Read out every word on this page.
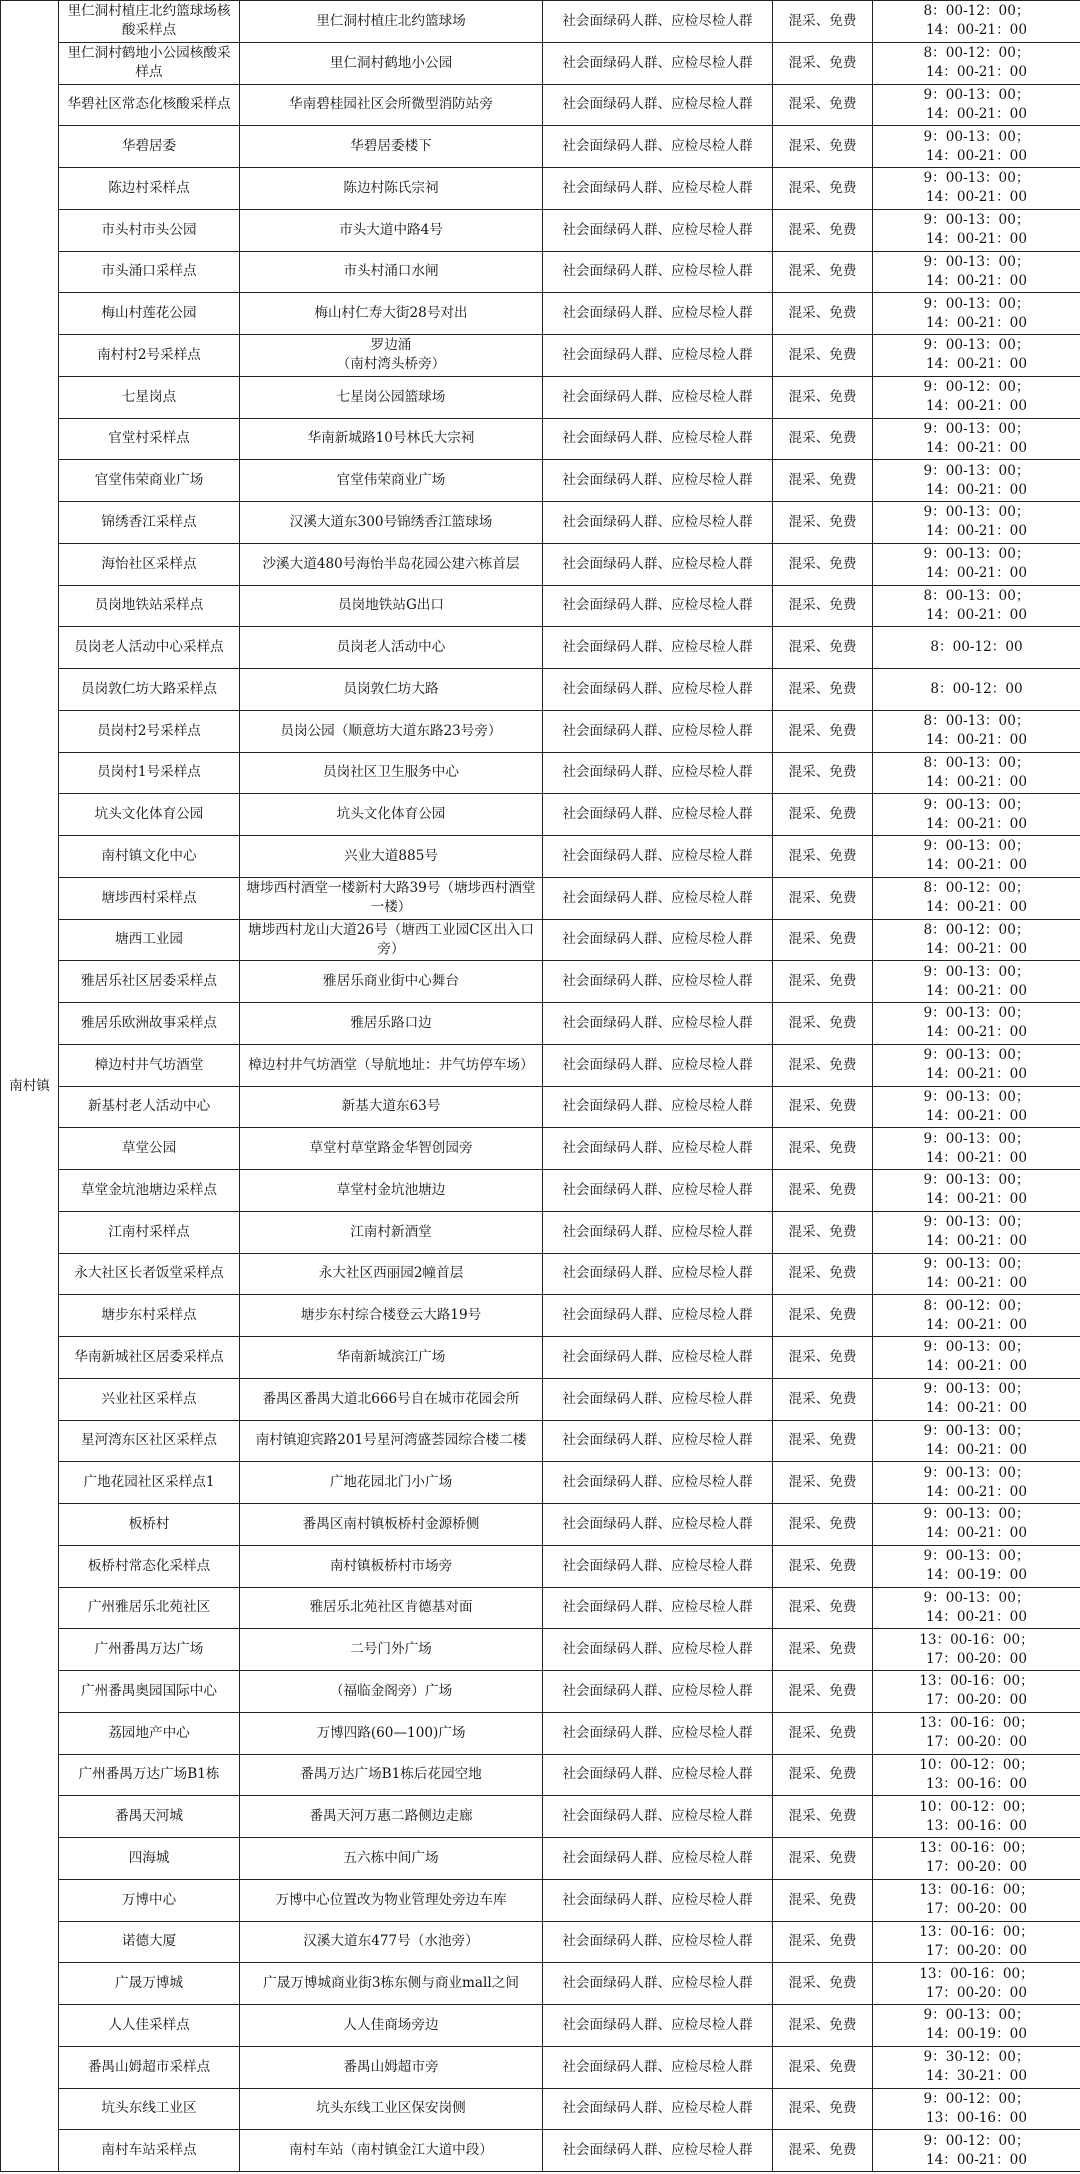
南村镇	里仁洞村植庄北约篮球场核酸采样点	里仁洞村植庄北约篮球场	社会面绿码人群、应检尽检人群	混采、免费	8：00-12：00；
14：00-21：00

	里仁洞村鹤地小公园核酸采样点	里仁洞村鹤地小公园	社会面绿码人群、应检尽检人群	混采、免费	8：00-12：00；
14：00-21：00

	华碧社区常态化核酸采样点	华南碧桂园社区会所微型消防站旁	社会面绿码人群、应检尽检人群	混采、免费	9：00-13：00；
14：00-21：00

	华碧居委	华碧居委楼下	社会面绿码人群、应检尽检人群	混采、免费	9：00-13：00；
14：00-21：00

	陈边村采样点	陈边村陈氏宗祠	社会面绿码人群、应检尽检人群	混采、免费	9：00-13：00；
14：00-21：00

	市头村市头公园	市头大道中路4号	社会面绿码人群、应检尽检人群	混采、免费	9：00-13：00；
14：00-21：00

	市头涌口采样点	市头村涌口水闸	社会面绿码人群、应检尽检人群	混采、免费	9：00-13：00；
14：00-21：00

	梅山村莲花公园	梅山村仁寿大街28号对出	社会面绿码人群、应检尽检人群	混采、免费	9：00-13：00；
14：00-21：00

	南村村2号采样点	罗边涌
（南村湾头桥旁）	社会面绿码人群、应检尽检人群	混采、免费	9：00-13：00；
14：00-21：00

	七星岗点	七星岗公园篮球场	社会面绿码人群、应检尽检人群	混采、免费	9：00-12：00；
14：00-21：00

	官堂村采样点	华南新城路10号林氏大宗祠	社会面绿码人群、应检尽检人群	混采、免费	9：00-13：00；
14：00-21：00

	官堂伟荣商业广场	官堂伟荣商业广场	社会面绿码人群、应检尽检人群	混采、免费	9：00-13：00；
14：00-21：00

	锦绣香江采样点	汉溪大道东300号锦绣香江篮球场	社会面绿码人群、应检尽检人群	混采、免费	9：00-13：00；
14：00-21：00

	海怡社区采样点	沙溪大道480号海怡半岛花园公建六栋首层	社会面绿码人群、应检尽检人群	混采、免费	9：00-13：00；
14：00-21：00

	员岗地铁站采样点	员岗地铁站G出口	社会面绿码人群、应检尽检人群	混采、免费	8：00-13：00；
14：00-21：00

	员岗老人活动中心采样点	员岗老人活动中心	社会面绿码人群、应检尽检人群	混采、免费	8：00-12：00

	员岗敦仁坊大路采样点	员岗敦仁坊大路	社会面绿码人群、应检尽检人群	混采、免费	8：00-12：00

	员岗村2号采样点	员岗公园（顺意坊大道东路23号旁）	社会面绿码人群、应检尽检人群	混采、免费	8：00-13：00；
14：00-21：00

	员岗村1号采样点	员岗社区卫生服务中心	社会面绿码人群、应检尽检人群	混采、免费	8：00-13：00；
14：00-21：00

	坑头文化体育公园	坑头文化体育公园	社会面绿码人群、应检尽检人群	混采、免费	9：00-13：00；
14：00-21：00

	南村镇文化中心	兴业大道885号	社会面绿码人群、应检尽检人群	混采、免费	9：00-13：00；
14：00-21：00

	塘埗西村采样点	塘埗西村酒堂一楼新村大路39号（塘埗西村酒堂
一楼）	社会面绿码人群、应检尽检人群	混采、免费	8：00-12：00；
14：00-21：00

	塘西工业园	塘埗西村龙山大道26号（塘西工业园C区出入口
旁）	社会面绿码人群、应检尽检人群	混采、免费	8：00-12：00；
14：00-21：00

	雅居乐社区居委采样点	雅居乐商业街中心舞台	社会面绿码人群、应检尽检人群	混采、免费	9：00-13：00；
14：00-21：00

	雅居乐欧洲故事采样点	雅居乐路口边	社会面绿码人群、应检尽检人群	混采、免费	9：00-13：00；
14：00-21：00

	樟边村井气坊酒堂	樟边村井气坊酒堂（导航地址：井气坊停车场）	社会面绿码人群、应检尽检人群	混采、免费	9：00-13：00；
14：00-21：00

	新基村老人活动中心	新基大道东63号	社会面绿码人群、应检尽检人群	混采、免费	9：00-13：00；
14：00-21：00

	草堂公园	草堂村草堂路金华智创园旁	社会面绿码人群、应检尽检人群	混采、免费	9：00-13：00；
14：00-21：00

	草堂金坑池塘边采样点	草堂村金坑池塘边	社会面绿码人群、应检尽检人群	混采、免费	9：00-13：00；
14：00-21：00

	江南村采样点	江南村新酒堂	社会面绿码人群、应检尽检人群	混采、免费	9：00-13：00；
14：00-21：00

	永大社区长者饭堂采样点	永大社区西丽园2幢首层	社会面绿码人群、应检尽检人群	混采、免费	9：00-13：00；
14：00-21：00

	塘步东村采样点	塘步东村综合楼登云大路19号	社会面绿码人群、应检尽检人群	混采、免费	8：00-12：00；
14：00-21：00

	华南新城社区居委采样点	华南新城滨江广场	社会面绿码人群、应检尽检人群	混采、免费	9：00-13：00；
14：00-21：00

	兴业社区采样点	番禺区番禺大道北666号自在城市花园会所	社会面绿码人群、应检尽检人群	混采、免费	9：00-13：00；
14：00-21：00

	星河湾东区社区采样点	南村镇迎宾路201号星河湾盛荟园综合楼二楼	社会面绿码人群、应检尽检人群	混采、免费	9：00-13：00；
14：00-21：00

	广地花园社区采样点1	广地花园北门小广场	社会面绿码人群、应检尽检人群	混采、免费	9：00-13：00；
14：00-21：00

	板桥村	番禺区南村镇板桥村金源桥侧	社会面绿码人群、应检尽检人群	混采、免费	9：00-13：00；
14：00-21：00

	板桥村常态化采样点	南村镇板桥村市场旁	社会面绿码人群、应检尽检人群	混采、免费	9：00-13：00；
14：00-19：00

	广州雅居乐北苑社区	雅居乐北苑社区肯德基对面	社会面绿码人群、应检尽检人群	混采、免费	9：00-13：00；
14：00-21：00

	广州番禺万达广场	二号门外广场	社会面绿码人群、应检尽检人群	混采、免费	13：00-16：00；
17：00-20：00

	广州番禺奥园国际中心	（福临金阁旁）广场	社会面绿码人群、应检尽检人群	混采、免费	13：00-16：00；
17：00-20：00

	荔园地产中心	万博四路(60—100)广场	社会面绿码人群、应检尽检人群	混采、免费	13：00-16：00；
17：00-20：00

	广州番禺万达广场B1栋	番禺万达广场B1栋后花园空地	社会面绿码人群、应检尽检人群	混采、免费	10：00-12：00；
13：00-16：00

	番禺天河城	番禺天河万惠二路侧边走廊	社会面绿码人群、应检尽检人群	混采、免费	10：00-12：00；
13：00-16：00

	四海城	五六栋中间广场	社会面绿码人群、应检尽检人群	混采、免费	13：00-16：00；
17：00-20：00

	万博中心	万博中心位置改为物业管理处旁边车库	社会面绿码人群、应检尽检人群	混采、免费	13：00-16：00；
17：00-20：00

	诺德大厦	汉溪大道东477号（水池旁）	社会面绿码人群、应检尽检人群	混采、免费	13：00-16：00；
17：00-20：00

	广晟万博城	广晟万博城商业街3栋东侧与商业mall之间	社会面绿码人群、应检尽检人群	混采、免费	13：00-16：00；
17：00-20：00

	人人佳采样点	人人佳商场旁边	社会面绿码人群、应检尽检人群	混采、免费	9：00-13：00；
14：00-19：00

	番禺山姆超市采样点	番禺山姆超市旁	社会面绿码人群、应检尽检人群	混采、免费	9：30-12：00；
14：30-21：00

	坑头东线工业区	坑头东线工业区保安岗侧	社会面绿码人群、应检尽检人群	混采、免费	9：00-12：00；
13：00-16：00

	南村车站采样点	南村车站（南村镇金江大道中段）	社会面绿码人群、应检尽检人群	混采、免费	9：00-12：00；
14：00-21：00
